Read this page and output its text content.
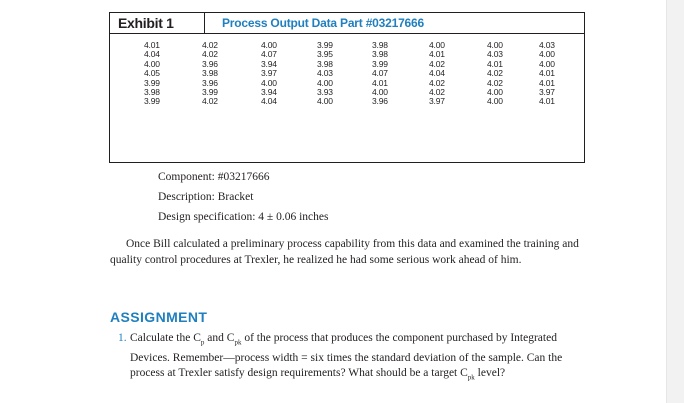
Exhibit 1	Process Output Data Part #03217666
4.01	4.02	4.00	3.99	3.98	4.00	4.00	4.03
4.04	4.02	4.07	3.95	3.98	4.01	4.03	4.00
4.00	3.96	3.94	3.98	3.99	4.02	4.01	4.00
4.05	3.98	3.97	4.03	4.07	4.04	4.02	4.01
3.99	3.96	4.00	4.00	4.01	4.02	4.02	4.01
3.98	3.99	3.94	3.93	4.00	4.02	4.00	3.97
3.99	4.02	4.04	4.00	3.96	3.97	4.00	4.01
Component: #03217666
Description: Bracket
Design specification: 4 ± 0.06 inches
Once Bill calculated a preliminary process capability from this data and examined the training and quality control procedures at Trexler, he realized he had some serious work ahead of him.
ASSIGNMENT
1. Calculate the $C_p$ and $C_{pk}$ of the process that produces the component purchased by Integrated Devices. Remember—process width = six times the standard deviation of the sample. Can the process at Trexler satisfy design requirements? What should be a target $C_{pk}$ level?
